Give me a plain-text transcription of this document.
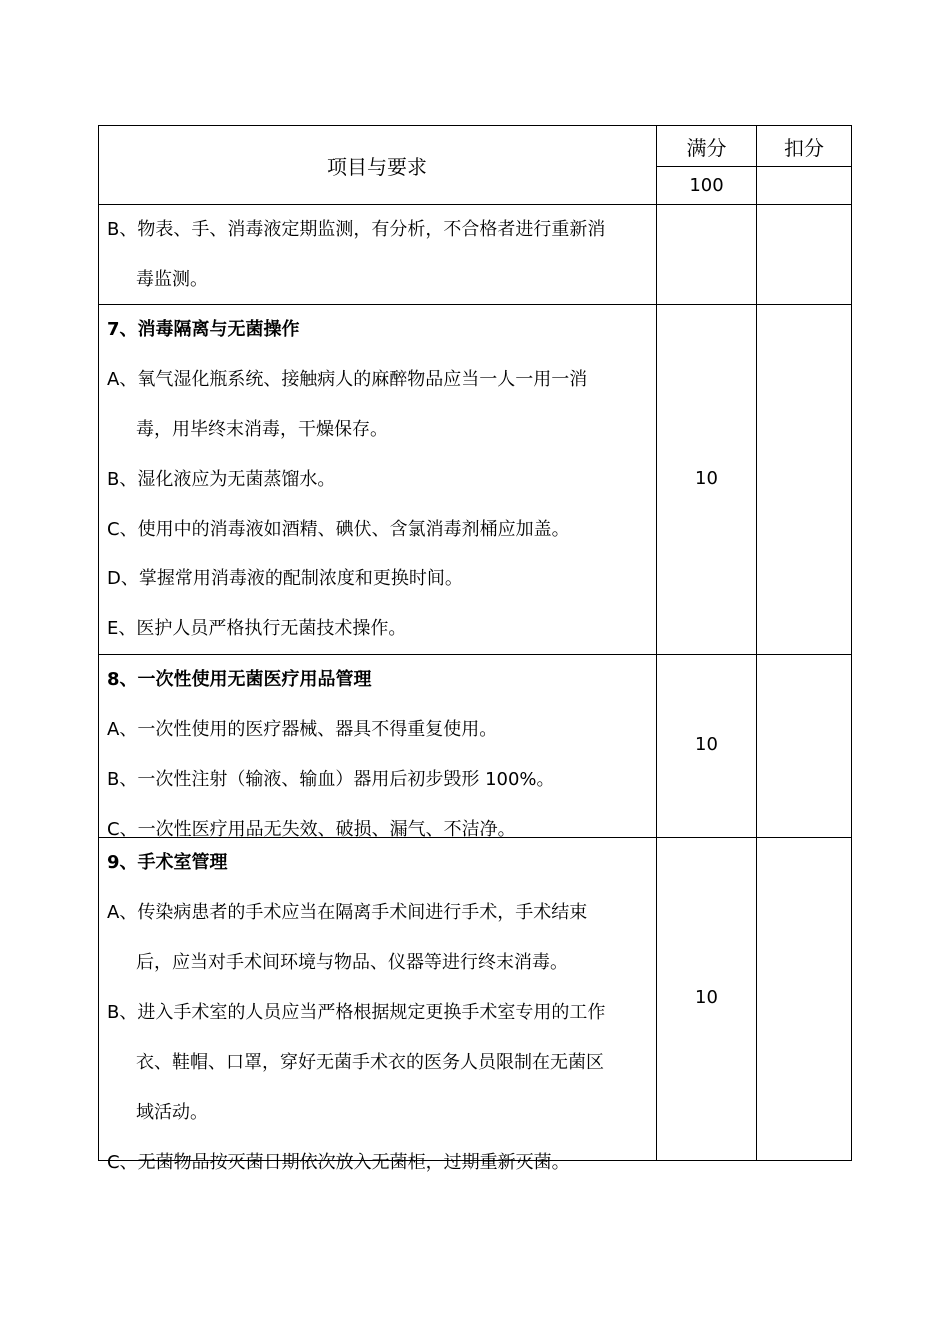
项目与要求
满分	扣分
100
B、物表、手、消毒液定期监测，有分析，不合格者进行重新消
毒监测。
7、消毒隔离与无菌操作
A、氧气湿化瓶系统、接触病人的麻醉物品应当一人一用一消
毒，用毕终末消毒，干燥保存。
B、湿化液应为无菌蒸馏水。
C、使用中的消毒液如酒精、碘伏、含氯消毒剂桶应加盖。
D、掌握常用消毒液的配制浓度和更换时间。
E、医护人员严格执行无菌技术操作。
10
8、一次性使用无菌医疗用品管理
A、一次性使用的医疗器械、器具不得重复使用。
B、一次性注射（输液、输血）器用后初步毁形 100%。
C、一次性医疗用品无失效、破损、漏气、不洁净。
10
9、手术室管理
A、传染病患者的手术应当在隔离手术间进行手术，手术结束
后，应当对手术间环境与物品、仪器等进行终末消毒。
B、进入手术室的人员应当严格根据规定更换手术室专用的工作
衣、鞋帽、口罩，穿好无菌手术衣的医务人员限制在无菌区
域活动。
C、无菌物品按灭菌日期依次放入无菌柜，过期重新灭菌。
10
